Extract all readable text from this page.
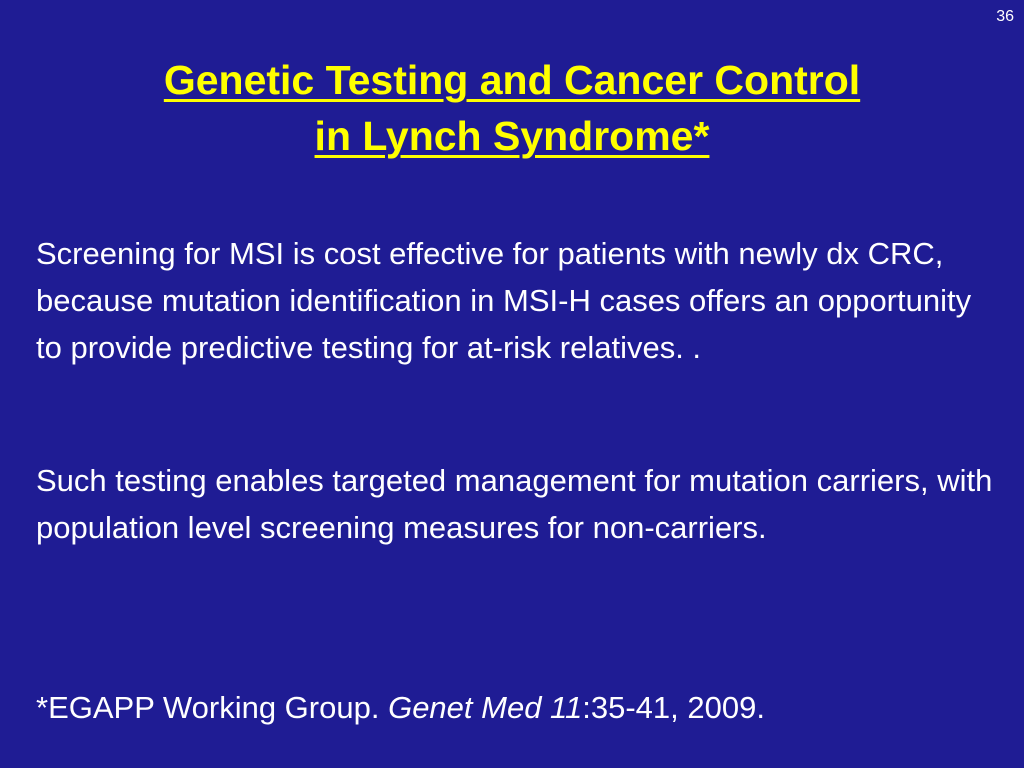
36
Genetic Testing and Cancer Control
in Lynch Syndrome*

Screening for MSI is cost effective for patients with newly dx CRC, because mutation identification in MSI-H cases offers an opportunity to provide predictive testing for at-risk relatives. .

Such testing enables targeted management for mutation carriers, with population level screening measures for non-carriers.

*EGAPP Working Group. Genet Med 11:35-41, 2009.
